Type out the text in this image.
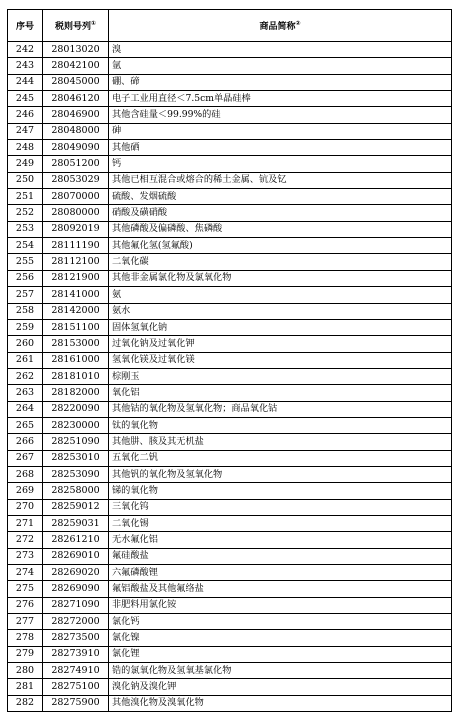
序号	税则号列①	商品简称②
242	28013020	溴
243	28042100	氩
244	28045000	硼、碲
245	28046120	电子工业用直径＜7.5cm单晶硅棒
246	28046900	其他含硅量＜99.99%的硅
247	28048000	砷
248	28049090	其他硒
249	28051200	钙
250	28053029	其他已相互混合或熔合的稀土金属、钪及钇
251	28070000	硫酸、发烟硫酸
252	28080000	硝酸及磺硝酸
253	28092019	其他磷酸及偏磷酸、焦磷酸
254	28111190	其他氟化氢(氢氟酸)
255	28112100	二氧化碳
256	28121900	其他非金属氯化物及氯氧化物
257	28141000	氨
258	28142000	氨水
259	28151100	固体氢氧化钠
260	28153000	过氧化钠及过氧化钾
261	28161000	氢氧化镁及过氧化镁
262	28181010	棕刚玉
263	28182000	氧化铝
264	28220090	其他钴的氧化物及氢氧化物；商品氧化钴
265	28230000	钛的氧化物
266	28251090	其他肼、胲及其无机盐
267	28253010	五氧化二钒
268	28253090	其他钒的氧化物及氢氧化物
269	28258000	锑的氧化物
270	28259012	三氧化钨
271	28259031	二氧化锡
272	28261210	无水氟化铝
273	28269010	氟硅酸盐
274	28269020	六氟磷酸锂
275	28269090	氟铝酸盐及其他氟络盐
276	28271090	非肥料用氯化铵
277	28272000	氯化钙
278	28273500	氯化镍
279	28273910	氯化锂
280	28274910	锆的氯氧化物及氢氧基氯化物
281	28275100	溴化钠及溴化钾
282	28275900	其他溴化物及溴氧化物
